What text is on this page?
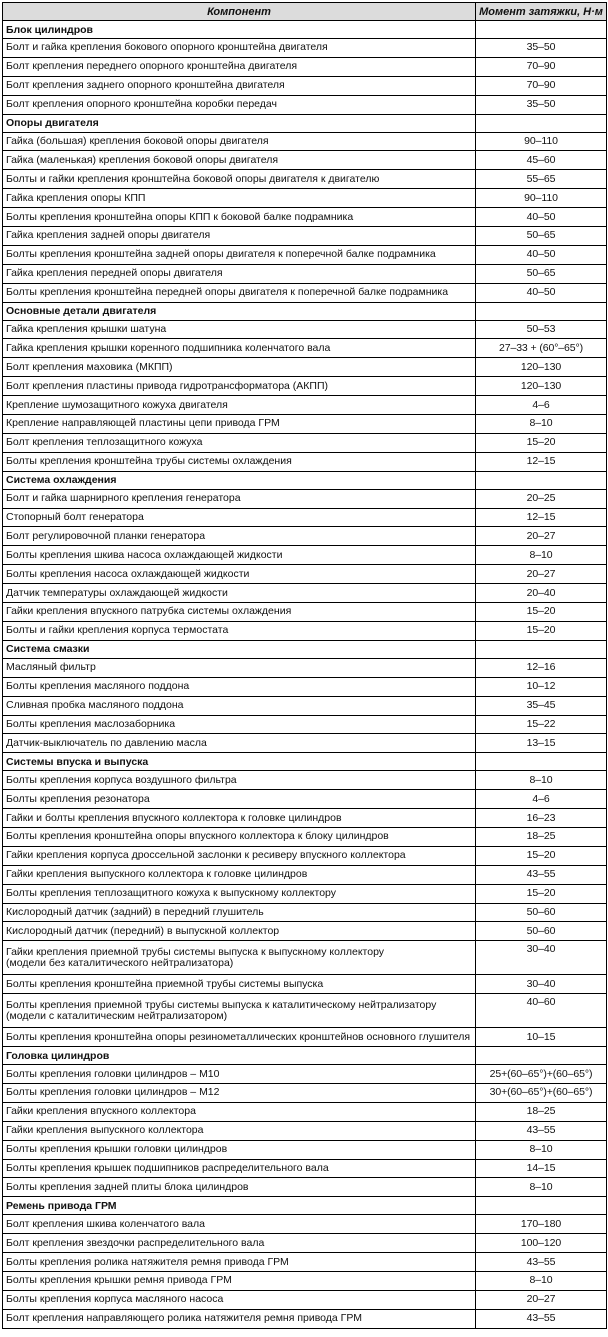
Компонент	Момент затяжки, Н·м
Блок цилиндров	
Болт и гайка крепления бокового опорного кронштейна двигателя	35–50
Болт крепления переднего опорного кронштейна двигателя	70–90
Болт крепления заднего опорного кронштейна двигателя	70–90
Болт крепления опорного кронштейна коробки передач	35–50
Опоры двигателя	
Гайка (большая) крепления боковой опоры двигателя	90–110
Гайка (маленькая) крепления боковой опоры двигателя	45–60
Болты и гайки крепления кронштейна боковой опоры двигателя к двигателю	55–65
Гайка крепления опоры КПП	90–110
Болты крепления кронштейна опоры КПП к боковой балке подрамника	40–50
Гайка крепления задней опоры двигателя	50–65
Болты крепления кронштейна задней опоры двигателя к поперечной балке подрамника	40–50
Гайка крепления передней опоры двигателя	50–65
Болты крепления кронштейна передней опоры двигателя к поперечной балке подрамника	40–50
Основные детали двигателя	
Гайка крепления крышки шатуна	50–53
Гайка крепления крышки коренного подшипника коленчатого вала	27–33 + (60°–65°)
Болт крепления маховика (МКПП)	120–130
Болт крепления пластины привода гидротрансформатора (АКПП)	120–130
Крепление шумозащитного кожуха двигателя	4–6
Крепление направляющей пластины цепи привода ГРМ	8–10
Болт крепления теплозащитного кожуха	15–20
Болты крепления кронштейна трубы системы охлаждения	12–15
Система охлаждения	
Болт и гайка шарнирного крепления генератора	20–25
Стопорный болт генератора	12–15
Болт регулировочной планки генератора	20–27
Болты крепления шкива насоса охлаждающей жидкости	8–10
Болты крепления насоса охлаждающей жидкости	20–27
Датчик температуры охлаждающей жидкости	20–40
Гайки крепления впускного патрубка системы охлаждения	15–20
Болты и гайки крепления корпуса термостата	15–20
Система смазки	
Масляный фильтр	12–16
Болты крепления масляного поддона	10–12
Сливная пробка масляного поддона	35–45
Болты крепления маслозаборника	15–22
Датчик-выключатель по давлению масла	13–15
Системы впуска и выпуска	
Болты крепления корпуса воздушного фильтра	8–10
Болты крепления резонатора	4–6
Гайки и болты крепления впускного коллектора к головке цилиндров	16–23
Болты крепления кронштейна опоры впускного коллектора к блоку цилиндров	18–25
Гайки крепления корпуса дроссельной заслонки к ресиверу впускного коллектора	15–20
Гайки крепления выпускного коллектора к головке цилиндров	43–55
Болты крепления теплозащитного кожуха к выпускному коллектору	15–20
Кислородный датчик (задний) в передний глушитель	50–60
Кислородный датчик (передний) в выпускной коллектор	50–60
Гайки крепления приемной трубы системы выпуска к выпускному коллектору
(модели без каталитического нейтрализатора)	30–40
Болты крепления кронштейна приемной трубы системы выпуска	30–40
Болты крепления приемной трубы системы выпуска к каталитическому нейтрализатору
(модели с каталитическим нейтрализатором)	40–60
Болты крепления кронштейна опоры резинометаллических кронштейнов основного глушителя	10–15
Головка цилиндров	
Болты крепления головки цилиндров – М10	25+(60–65°)+(60–65°)
Болты крепления головки цилиндров – М12	30+(60–65°)+(60–65°)
Гайки крепления впускного коллектора	18–25
Гайки крепления выпускного коллектора	43–55
Болты крепления крышки головки цилиндров	8–10
Болты крепления крышек подшипников распределительного вала	14–15
Болты крепления задней плиты блока цилиндров	8–10
Ремень привода ГРМ	
Болт крепления шкива коленчатого вала	170–180
Болт крепления звездочки распределительного вала	100–120
Болты крепления ролика натяжителя ремня привода ГРМ	43–55
Болты крепления крышки ремня привода ГРМ	8–10
Болты крепления корпуса масляного насоса	20–27
Болт крепления направляющего ролика натяжителя ремня привода ГРМ	43–55
